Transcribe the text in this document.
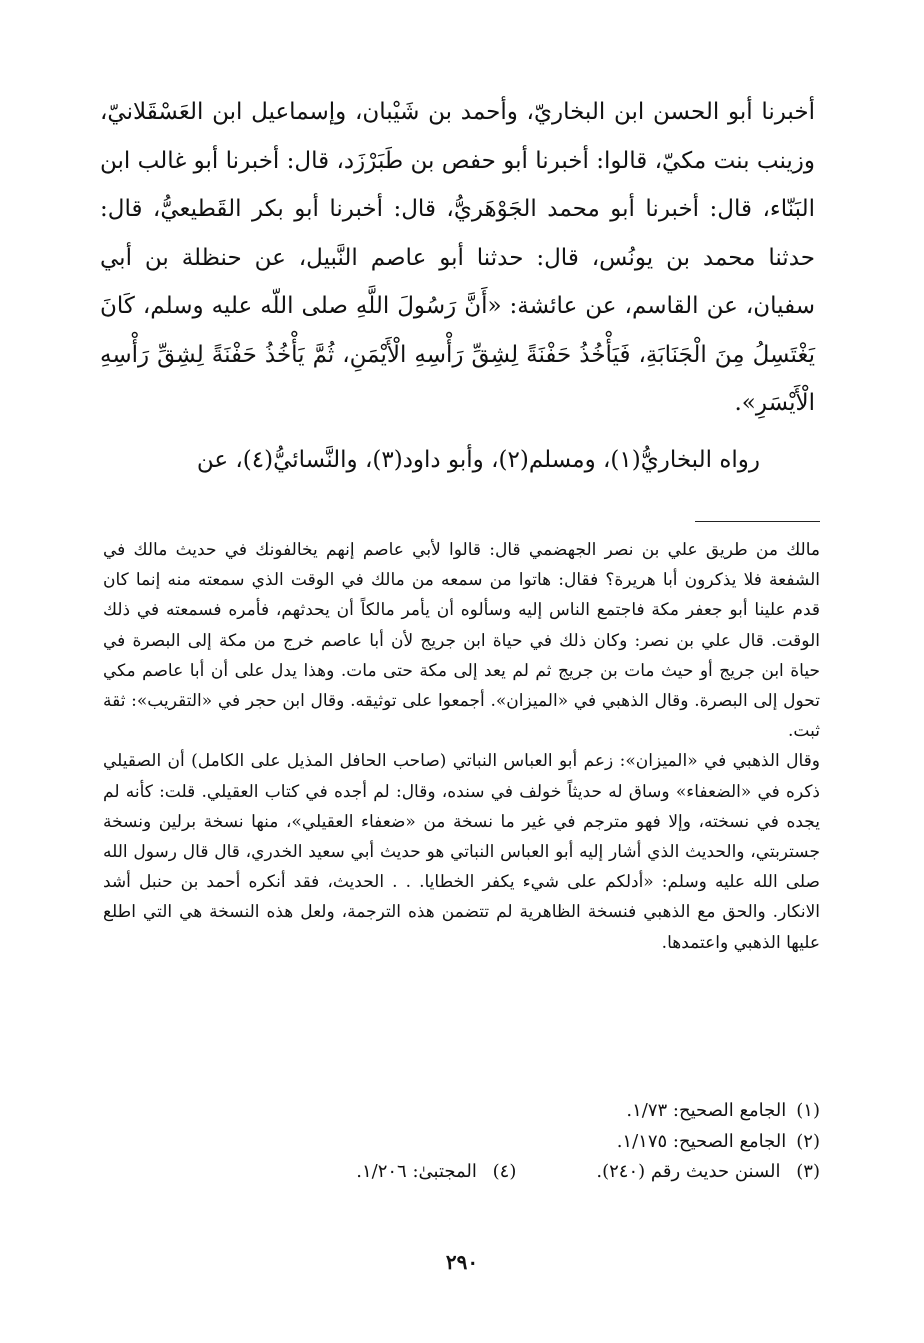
أخبرنا أبو الحسن ابن البخاريّ، وأحمد بن شَيْبان، وإسماعيل ابن العَسْقَلانيّ، وزينب بنت مكيّ، قالوا: أخبرنا أبو حفص بن طَبَرْزَد، قال: أخبرنا أبو غالب ابن البَنّاء، قال: أخبرنا أبو محمد الجَوْهَريُّ، قال: أخبرنا أبو بكر القَطيعيُّ، قال: حدثنا محمد بن يونُس، قال: حدثنا أبو عاصم النَّبيل، عن حنظلة بن أبي سفيان، عن القاسم، عن عائشة: «أَنَّ رَسُولَ اللَّهِ صلى اللّه عليه وسلم، كَانَ يَغْتَسِلُ مِنَ الْجَنَابَةِ، فَيَأْخُذُ حَفْنَةً لِشِقِّ رَأْسِهِ الْأَيْمَنِ، ثُمَّ يَأْخُذُ حَفْنَةً لِشِقِّ رَأْسِهِ الْأَيْسَرِ».

رواه البخاريُّ(١)، ومسلم(٢)، وأبو داود(٣)، والنَّسائيُّ(٤)، عن

مالك من طريق علي بن نصر الجهضمي قال: قالوا لأبي عاصم إنهم يخالفونك في حديث مالك في الشفعة فلا يذكرون أبا هريرة؟ فقال: هاتوا من سمعه من مالك في الوقت الذي سمعته منه إنما كان قدم علينا أبو جعفر مكة فاجتمع الناس إليه وسألوه أن يأمر مالكاً أن يحدثهم، فأمره فسمعته في ذلك الوقت. قال علي بن نصر: وكان ذلك في حياة ابن جريج لأن أبا عاصم خرج من مكة إلى البصرة في حياة ابن جريج أو حيث مات بن جريج ثم لم يعد إلى مكة حتى مات. وهذا يدل على أن أبا عاصم مكي تحول إلى البصرة. وقال الذهبي في «الميزان». أجمعوا على توثيقه. وقال ابن حجر في «التقريب»: ثقة ثبت.

وقال الذهبي في «الميزان»: زعم أبو العباس النباتي (صاحب الحافل المذيل على الكامل) أن الصقيلي ذكره في «الضعفاء» وساق له حديثاً خولف في سنده، وقال: لم أجده في كتاب العقيلي. قلت: كأنه لم يجده في نسخته، وإلا فهو مترجم في غير ما نسخة من «ضعفاء العقيلي»، منها نسخة برلين ونسخة جستربتي، والحديث الذي أشار إليه أبو العباس النباتي هو حديث أبي سعيد الخدري، قال قال رسول الله صلى الله عليه وسلم: «أدلكم على شيء يكفر الخطايا. . . الحديث، فقد أنكره أحمد بن حنبل أشد الانكار. والحق مع الذهبي فنسخة الظاهرية لم تتضمن هذه الترجمة، ولعل هذه النسخة هي التي اطلع عليها الذهبي واعتمدها.

(١)
الجامع الصحيح: ١/٧٣.
(٢)
الجامع الصحيح: ١/١٧٥.
(٣) السنن حديث رقم (٢٤٠).
(٤) المجتبىٰ: ١/٢٠٦.
٢٩٠
